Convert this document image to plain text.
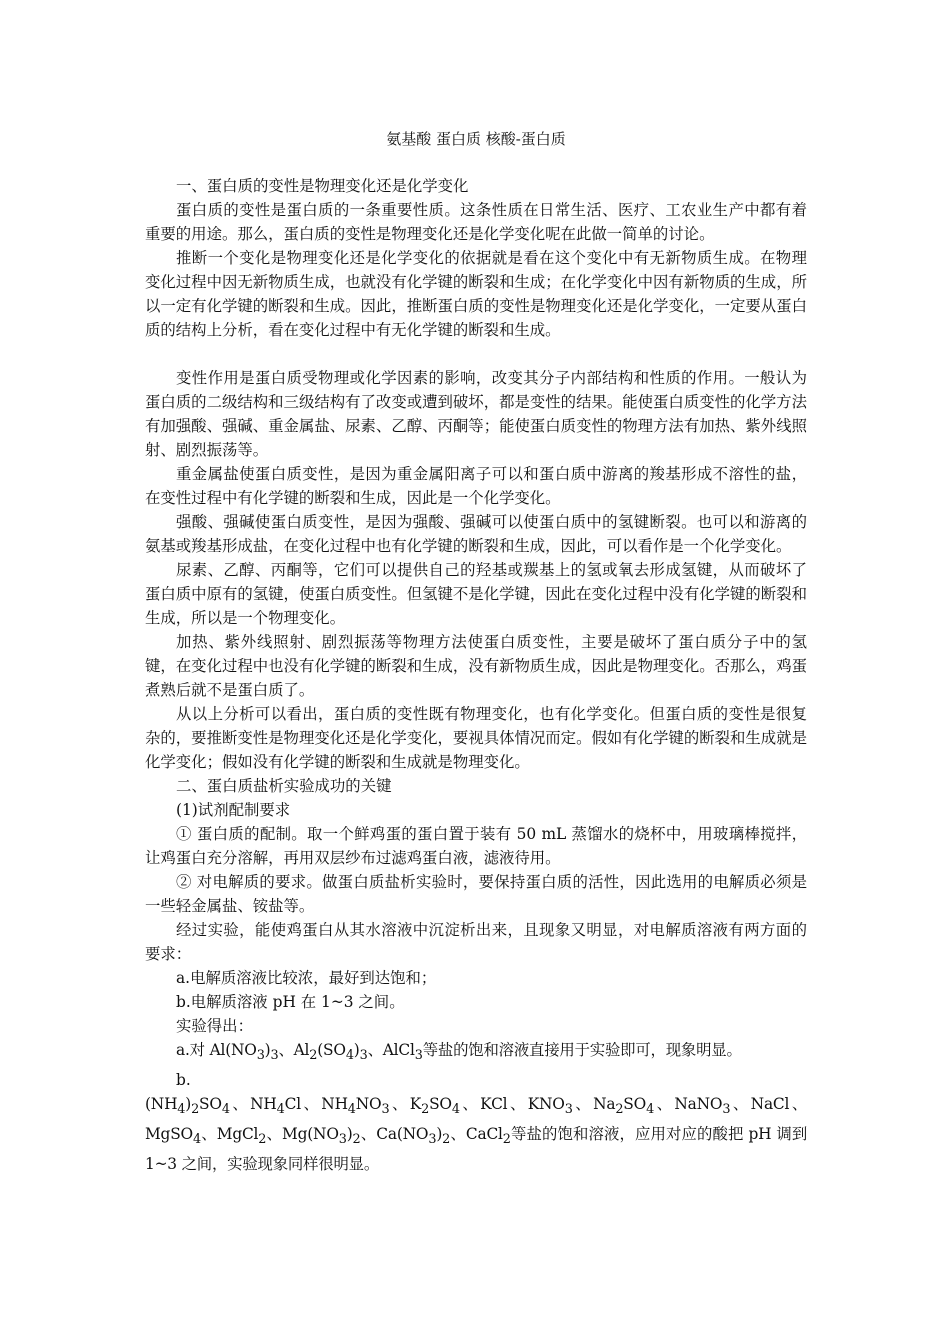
氨基酸 蛋白质 核酸-蛋白质

一、蛋白质的变性是物理变化还是化学变化

蛋白质的变性是蛋白质的一条重要性质。这条性质在日常生活、医疗、工农业生产中都有着重要的用途。那么，蛋白质的变性是物理变化还是化学变化呢在此做一简单的讨论。

推断一个变化是物理变化还是化学变化的依据就是看在这个变化中有无新物质生成。在物理变化过程中因无新物质生成，也就没有化学键的断裂和生成；在化学变化中因有新物质的生成，所以一定有化学键的断裂和生成。因此，推断蛋白质的变性是物理变化还是化学变化，一定要从蛋白质的结构上分析，看在变化过程中有无化学键的断裂和生成。

变性作用是蛋白质受物理或化学因素的影响，改变其分子内部结构和性质的作用。一般认为蛋白质的二级结构和三级结构有了改变或遭到破坏，都是变性的结果。能使蛋白质变性的化学方法有加强酸、强碱、重金属盐、尿素、乙醇、丙酮等；能使蛋白质变性的物理方法有加热、紫外线照射、剧烈振荡等。

重金属盐使蛋白质变性，是因为重金属阳离子可以和蛋白质中游离的羧基形成不溶性的盐，在变性过程中有化学键的断裂和生成，因此是一个化学变化。

强酸、强碱使蛋白质变性，是因为强酸、强碱可以使蛋白质中的氢键断裂。也可以和游离的氨基或羧基形成盐，在变化过程中也有化学键的断裂和生成，因此，可以看作是一个化学变化。

尿素、乙醇、丙酮等，它们可以提供自己的羟基或羰基上的氢或氧去形成氢键，从而破坏了蛋白质中原有的氢键，使蛋白质变性。但氢键不是化学键，因此在变化过程中没有化学键的断裂和生成，所以是一个物理变化。

加热、紫外线照射、剧烈振荡等物理方法使蛋白质变性，主要是破坏了蛋白质分子中的氢键，在变化过程中也没有化学键的断裂和生成，没有新物质生成，因此是物理变化。否那么，鸡蛋煮熟后就不是蛋白质了。

从以上分析可以看出，蛋白质的变性既有物理变化，也有化学变化。但蛋白质的变性是很复杂的，要推断变性是物理变化还是化学变化，要视具体情况而定。假如有化学键的断裂和生成就是化学变化；假如没有化学键的断裂和生成就是物理变化。

二、蛋白质盐析实验成功的关键

(1)试剂配制要求

① 蛋白质的配制。取一个鲜鸡蛋的蛋白置于装有 50 mL 蒸馏水的烧杯中，用玻璃棒搅拌，让鸡蛋白充分溶解，再用双层纱布过滤鸡蛋白液，滤液待用。

② 对电解质的要求。做蛋白质盐析实验时，要保持蛋白质的活性，因此选用的电解质必须是一些轻金属盐、铵盐等。

经过实验，能使鸡蛋白从其水溶液中沉淀析出来，且现象又明显，对电解质溶液有两方面的要求：

a.电解质溶液比较浓，最好到达饱和；

b.电解质溶液 pH 在 1~3 之间。

实验得出：

a.对 $Al(NO_3)_3$、$Al_2(SO_4)_3$、AlCl$_3$等盐的饱和溶液直接用于实验即可，现象明显。

b.

$(NH_4)_2SO_4$、$NH_4Cl$、$NH_4NO_3$、$K_2SO_4$、KCl、$KNO_3$、$Na_2SO_4$、NaNO$_3$、NaCl、MgSO$_4$、MgCl$_2$、$Mg(NO_3)_2$、$Ca(NO_3)_2$、CaCl$_2$等盐的饱和溶液，应用对应的酸把 pH 调到 1~3 之间，实验现象同样很明显。
